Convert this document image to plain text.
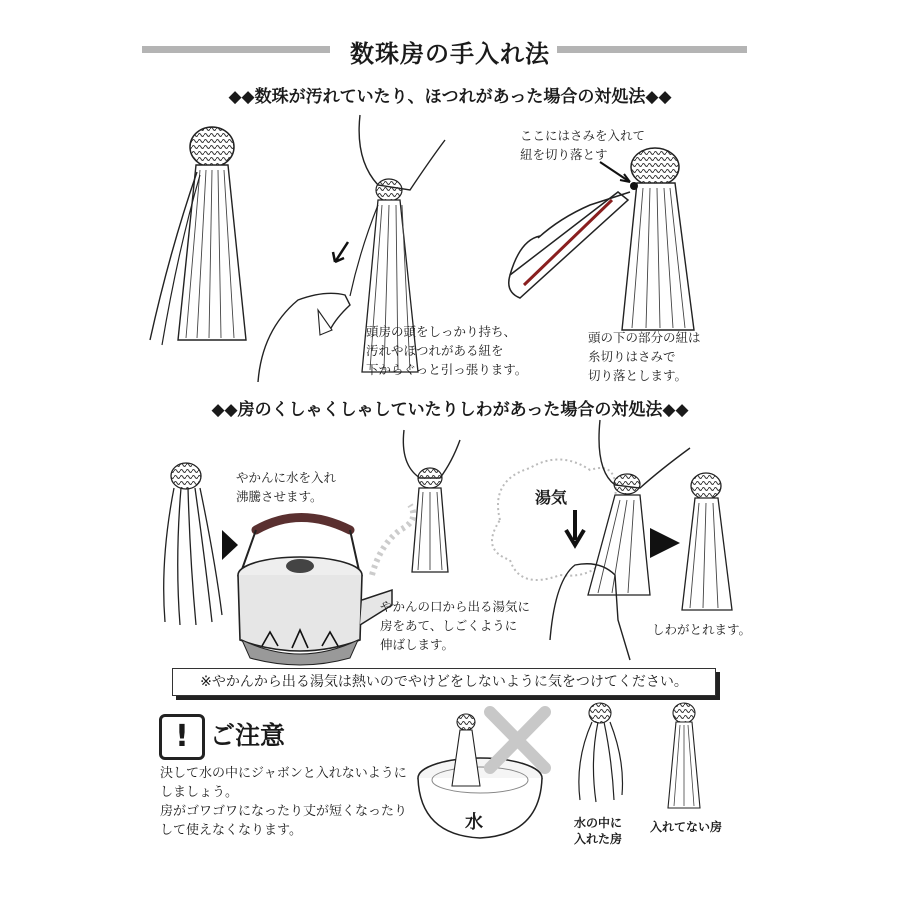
数珠房の手入れ法
◆◆数珠が汚れていたり、ほつれがあった場合の対処法◆◆
ここにはさみを入れて
紐を切り落とす
頭房の頭をしっかり持ち、
汚れやほつれがある紐を
下からぐっと引っ張ります。
頭の下の部分の紐は
糸切りはさみで
切り落とします。
◆◆房のくしゃくしゃしていたりしわがあった場合の対処法◆◆
やかんに水を入れ
沸騰させます。	湯気
やかんの口から出る湯気に
房をあて、しごくように
伸ばします。
しわがとれます。
※やかんから出る湯気は熱いのでやけどをしないように気をつけてください。
! ご注意
決して水の中にジャボンと入れないように
しましょう。
房がゴワゴワになったり丈が短くなったり
して使えなくなります。	水	水の中に
入れた房
入れてない房
